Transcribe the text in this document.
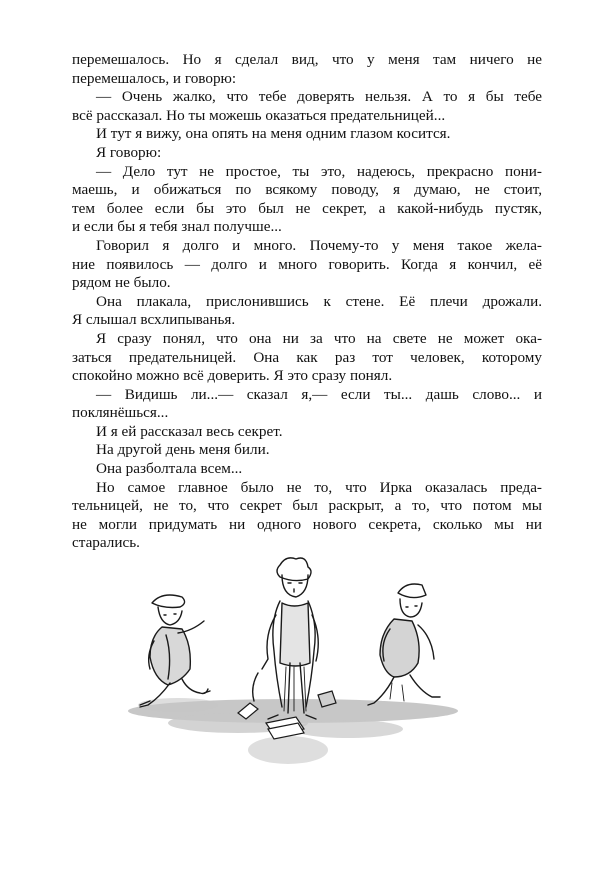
перемешалось. Но я сделал вид, что у меня там ничего не
перемешалось, и говорю:

— Очень жалко, что тебе доверять нельзя. А то я бы тебе
всё рассказал. Но ты можешь оказаться предательницей...

И тут я вижу, она опять на меня одним глазом косится.

Я говорю:

— Дело тут не простое, ты это, надеюсь, прекрасно пони-
маешь, и обижаться по всякому поводу, я думаю, не стоит,
тем более если бы это был не секрет, а какой-нибудь пустяк,
и если бы я тебя знал получше...

Говорил я долго и много. Почему-то у меня такое жела-
ние появилось — долго и много говорить. Когда я кончил, её
рядом не было.

Она плакала, прислонившись к стене. Её плечи дрожали.
Я слышал всхлипыванья.

Я сразу понял, что она ни за что на свете не может ока-
заться предательницей. Она как раз тот человек, которому
спокойно можно всё доверить. Я это сразу понял.

— Видишь ли...— сказал я,— если ты... дашь слово... и
поклянёшься...

И я ей рассказал весь секрет.

На другой день меня били.

Она разболтала всем...

Но самое главное было не то, что Ирка оказалась преда-
тельницей, не то, что секрет был раскрыт, а то, что потом мы
не могли придумать ни одного нового секрета, сколько мы ни
старались.
